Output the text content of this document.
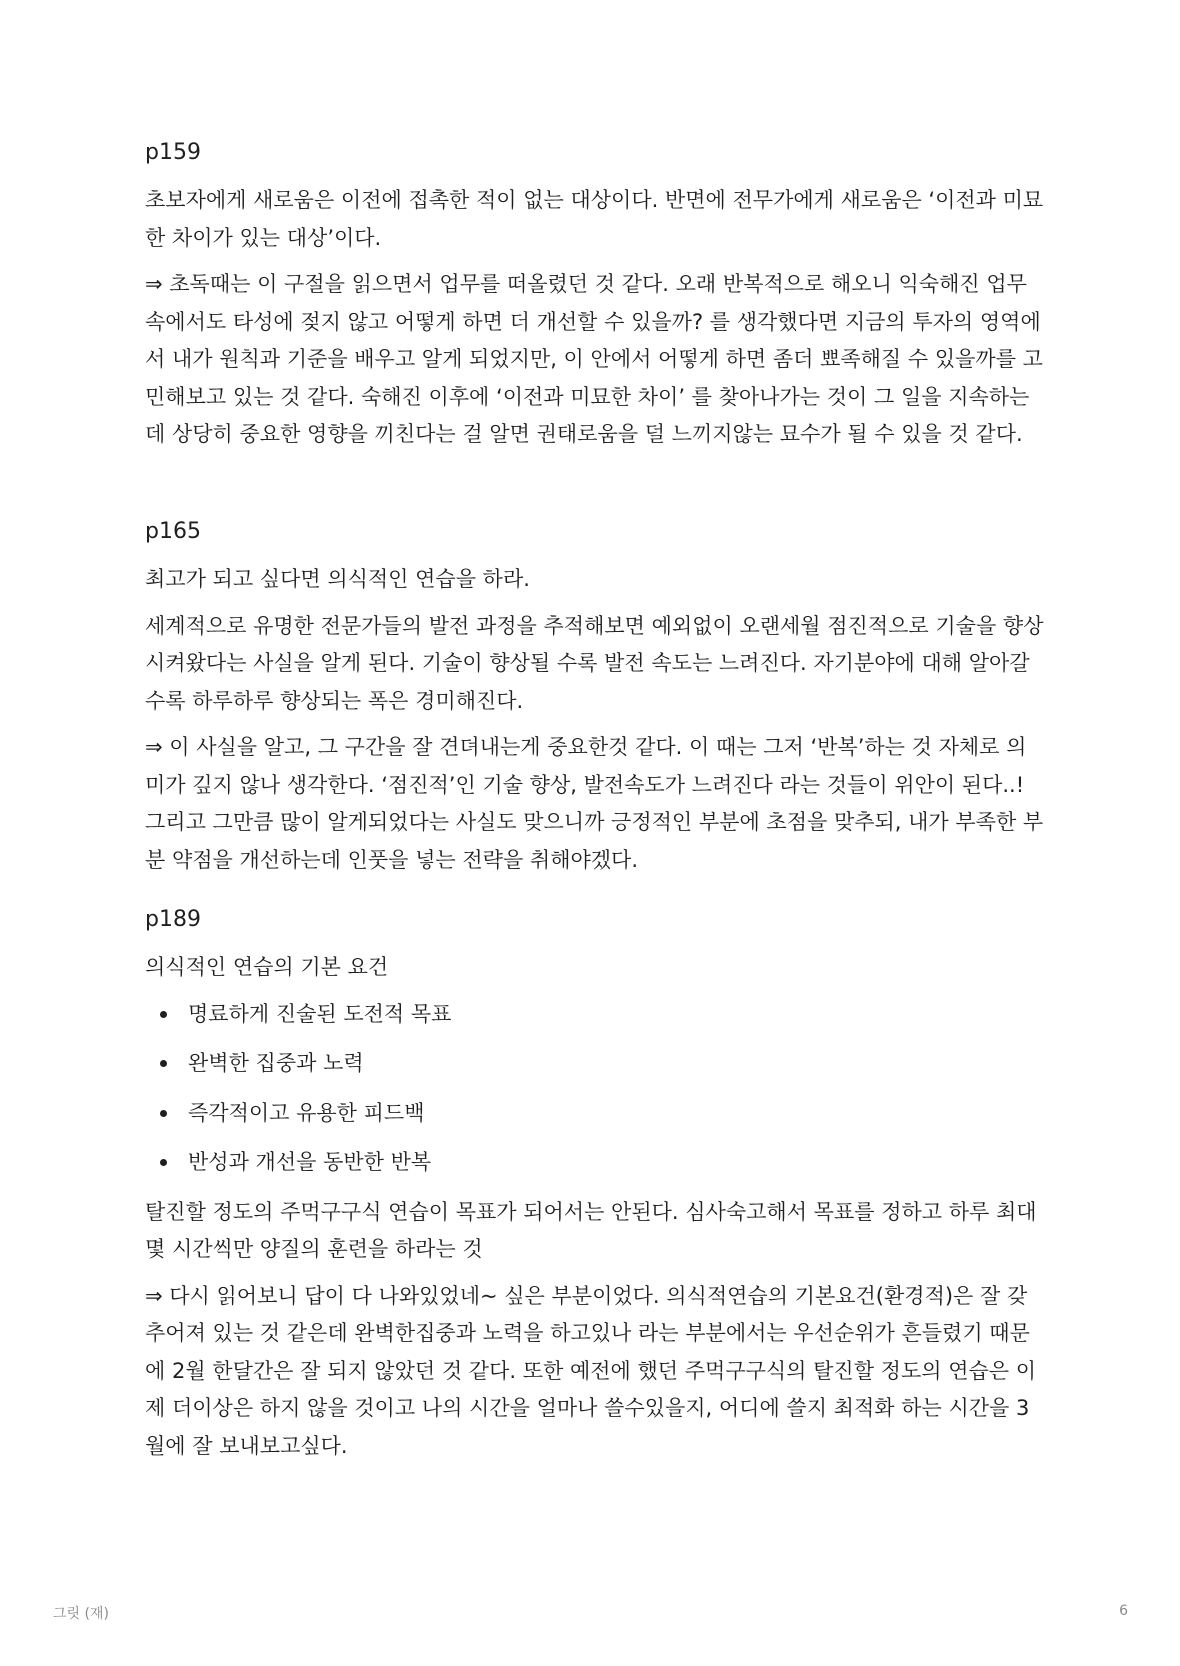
p159

초보자에게 새로움은 이전에 접촉한 적이 없는 대상이다. 반면에 전무가에게 새로움은 ‘이전과 미묘한 차이가 있는 대상’이다.

⇒ 초독때는 이 구절을 읽으면서 업무를 떠올렸던 것 같다. 오래 반복적으로 해오니 익숙해진 업무 속에서도 타성에 젖지 않고 어떻게 하면 더 개선할 수 있을까? 를 생각했다면 지금의 투자의 영역에서 내가 원칙과 기준을 배우고 알게 되었지만, 이 안에서 어떻게 하면 좀더 뾰족해질 수 있을까를 고민해보고 있는 것 같다. 숙해진 이후에 ‘이전과 미묘한 차이’ 를 찾아나가는 것이 그 일을 지속하는데 상당히 중요한 영향을 끼친다는 걸 알면 권태로움을 덜 느끼지않는 묘수가 될 수 있을 것 같다.

p165

최고가 되고 싶다면 의식적인 연습을 하라.

세계적으로 유명한 전문가들의 발전 과정을 추적해보면 예외없이 오랜세월 점진적으로 기술을 향상시켜왔다는 사실을 알게 된다. 기술이 향상될 수록 발전 속도는 느려진다. 자기분야에 대해 알아갈수록 하루하루 향상되는 폭은 경미해진다.

⇒ 이 사실을 알고, 그 구간을 잘 견뎌내는게 중요한것 같다. 이 때는 그저 ‘반복’하는 것 자체로 의미가 깊지 않나 생각한다. ‘점진적’인 기술 향상, 발전속도가 느려진다 라는 것들이 위안이 된다..! 그리고 그만큼 많이 알게되었다는 사실도 맞으니까 긍정적인 부분에 초점을 맞추되, 내가 부족한 부분 약점을 개선하는데 인풋을 넣는 전략을 취해야겠다.

p189

의식적인 연습의 기본 요건

명료하게 진술된 도전적 목표
완벽한 집중과 노력
즉각적이고 유용한 피드백
반성과 개선을 동반한 반복

탈진할 정도의 주먹구구식 연습이 목표가 되어서는 안된다. 심사숙고해서 목표를 정하고 하루 최대 몇 시간씩만 양질의 훈련을 하라는 것

⇒ 다시 읽어보니 답이 다 나와있었네~ 싶은 부분이었다. 의식적연습의 기본요건(환경적)은 잘 갖추어져 있는 것 같은데 완벽한집중과 노력을 하고있나 라는 부분에서는 우선순위가 흔들렸기 때문에 2월 한달간은 잘 되지 않았던 것 같다. 또한 예전에 했던 주먹구구식의 탈진할 정도의 연습은 이제 더이상은 하지 않을 것이고 나의 시간을 얼마나 쓸수있을지, 어디에 쓸지 최적화 하는 시간을 3월에 잘 보내보고싶다.

그릿 (재)	6
